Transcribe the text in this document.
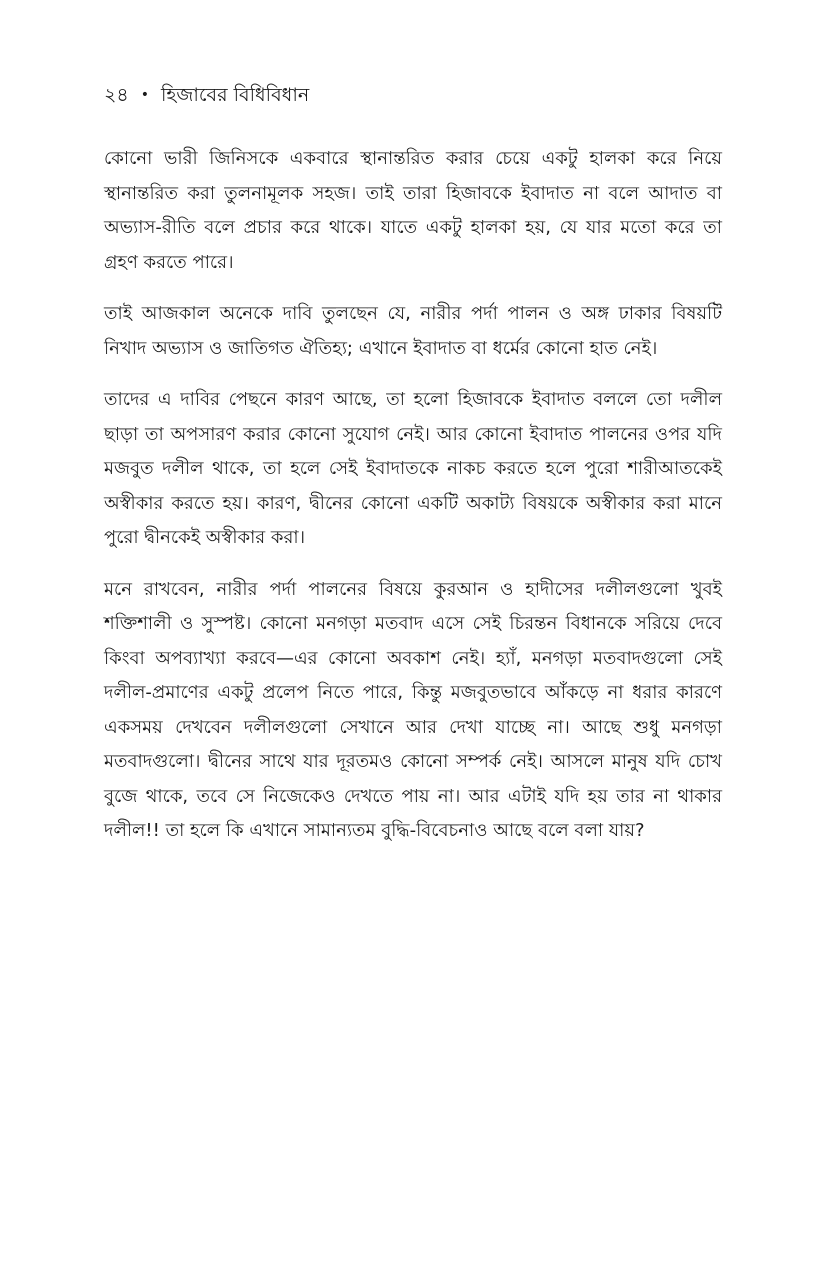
২৪ • হিজাবের বিধিবিধান

কোনো ভারী জিনিসকে একবারে স্থানান্তরিত করার চেয়ে একটু হালকা করে নিয়ে স্থানান্তরিত করা তুলনামূলক সহজ। তাই তারা হিজাবকে ইবাদাত না বলে আদাত বা অভ্যাস-রীতি বলে প্রচার করে থাকে। যাতে একটু হালকা হয়, যে যার মতো করে তা গ্রহণ করতে পারে।

তাই আজকাল অনেকে দাবি তুলছেন যে, নারীর পর্দা পালন ও অঙ্গ ঢাকার বিষয়টি নিখাদ অভ্যাস ও জাতিগত ঐতিহ্য; এখানে ইবাদাত বা ধর্মের কোনো হাত নেই।

তাদের এ দাবির পেছনে কারণ আছে, তা হলো হিজাবকে ইবাদাত বললে তো দলীল ছাড়া তা অপসারণ করার কোনো সুযোগ নেই। আর কোনো ইবাদাত পালনের ওপর যদি মজবুত দলীল থাকে, তা হলে সেই ইবাদাতকে নাকচ করতে হলে পুরো শারীআতকেই অস্বীকার করতে হয়। কারণ, দ্বীনের কোনো একটি অকাট্য বিষয়কে অস্বীকার করা মানে পুরো দ্বীনকেই অস্বীকার করা।

মনে রাখবেন, নারীর পর্দা পালনের বিষয়ে কুরআন ও হাদীসের দলীলগুলো খুবই শক্তিশালী ও সুস্পষ্ট। কোনো মনগড়া মতবাদ এসে সেই চিরন্তন বিধানকে সরিয়ে দেবে কিংবা অপব্যাখ্যা করবে—এর কোনো অবকাশ নেই। হ্যাঁ, মনগড়া মতবাদগুলো সেই দলীল-প্রমাণের একটু প্রলেপ নিতে পারে, কিন্তু মজবুতভাবে আঁকড়ে না ধরার কারণে একসময় দেখবেন দলীলগুলো সেখানে আর দেখা যাচ্ছে না। আছে শুধু মনগড়া মতবাদগুলো। দ্বীনের সাথে যার দূরতমও কোনো সম্পর্ক নেই। আসলে মানুষ যদি চোখ বুজে থাকে, তবে সে নিজেকেও দেখতে পায় না। আর এটাই যদি হয় তার না থাকার দলীল!! তা হলে কি এখানে সামান্যতম বুদ্ধি-বিবেচনাও আছে বলে বলা যায়?
